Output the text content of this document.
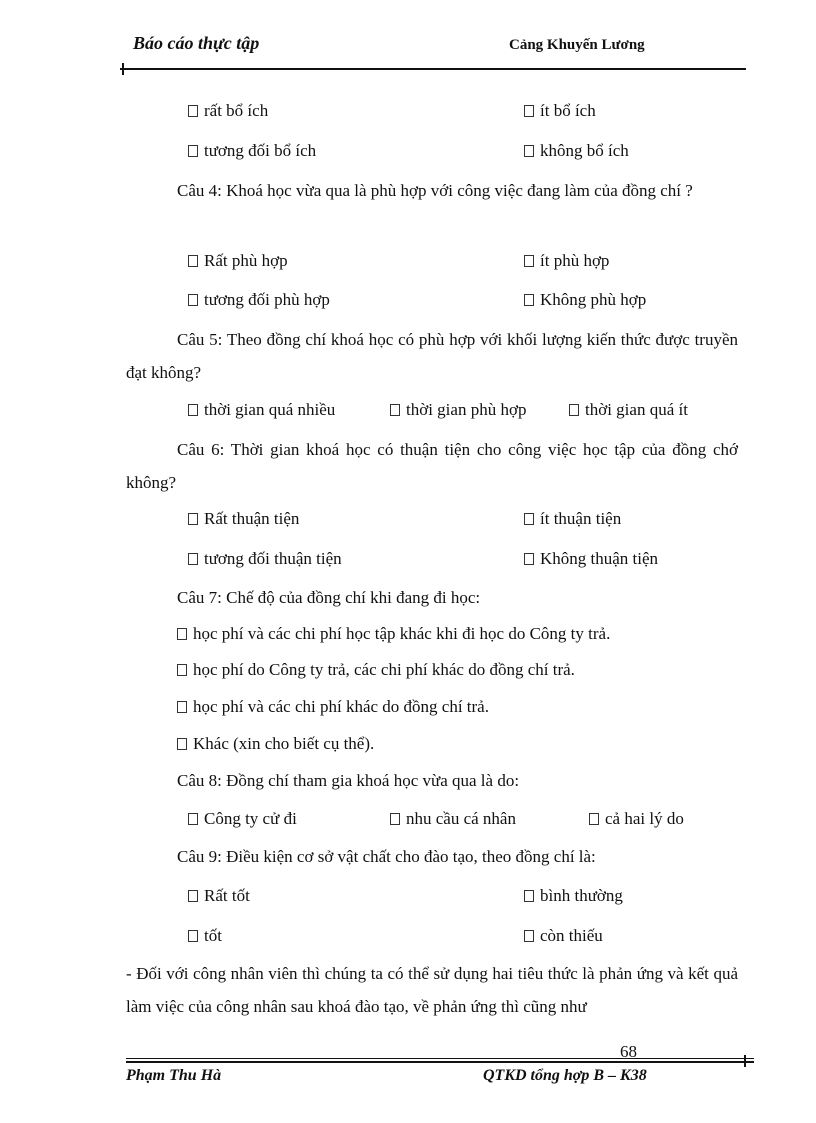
Báo cáo thực tập	Cảng Khuyến Lương
rất bổ ích	ít bổ ích
tương đối bổ ích	không bổ ích
Câu 4: Khoá học vừa qua là phù hợp với công việc đang làm của đồng chí ?
Rất phù hợp	ít phù hợp
tương đối phù hợp	Không phù hợp
Câu 5: Theo đồng chí khoá học có phù hợp với khối lượng kiến thức được truyền đạt không?
thời gian quá nhiều	thời gian phù hợp	thời gian quá ít
Câu 6: Thời gian khoá học có thuận tiện cho công việc học tập của đồng chớ không?
Rất thuận tiện	ít thuận tiện
tương đối thuận tiện	Không thuận tiện
Câu 7: Chế độ của đồng chí khi đang đi học:
học phí và các chi phí học tập khác khi đi học do Công ty trả.
học phí do Công ty trả, các chi phí khác do đồng chí trả.
học phí và các chi phí khác do đồng chí trả.
Khác (xin cho biết cụ thể).
Câu 8: Đồng chí tham gia khoá học vừa qua là do:
Công ty cử đi	nhu cầu cá nhân	cả hai lý do
Câu 9: Điều kiện cơ sở vật chất cho đào tạo, theo đồng chí là:
Rất tốt	bình thường
tốt	còn thiếu
- Đối với công nhân viên thì chúng ta có thể sử dụng hai tiêu thức là phản ứng và kết quả làm việc của công nhân sau khoá đào tạo, về phản ứng thì cũng như
68
Phạm Thu Hà	QTKD tổng hợp B – K38
